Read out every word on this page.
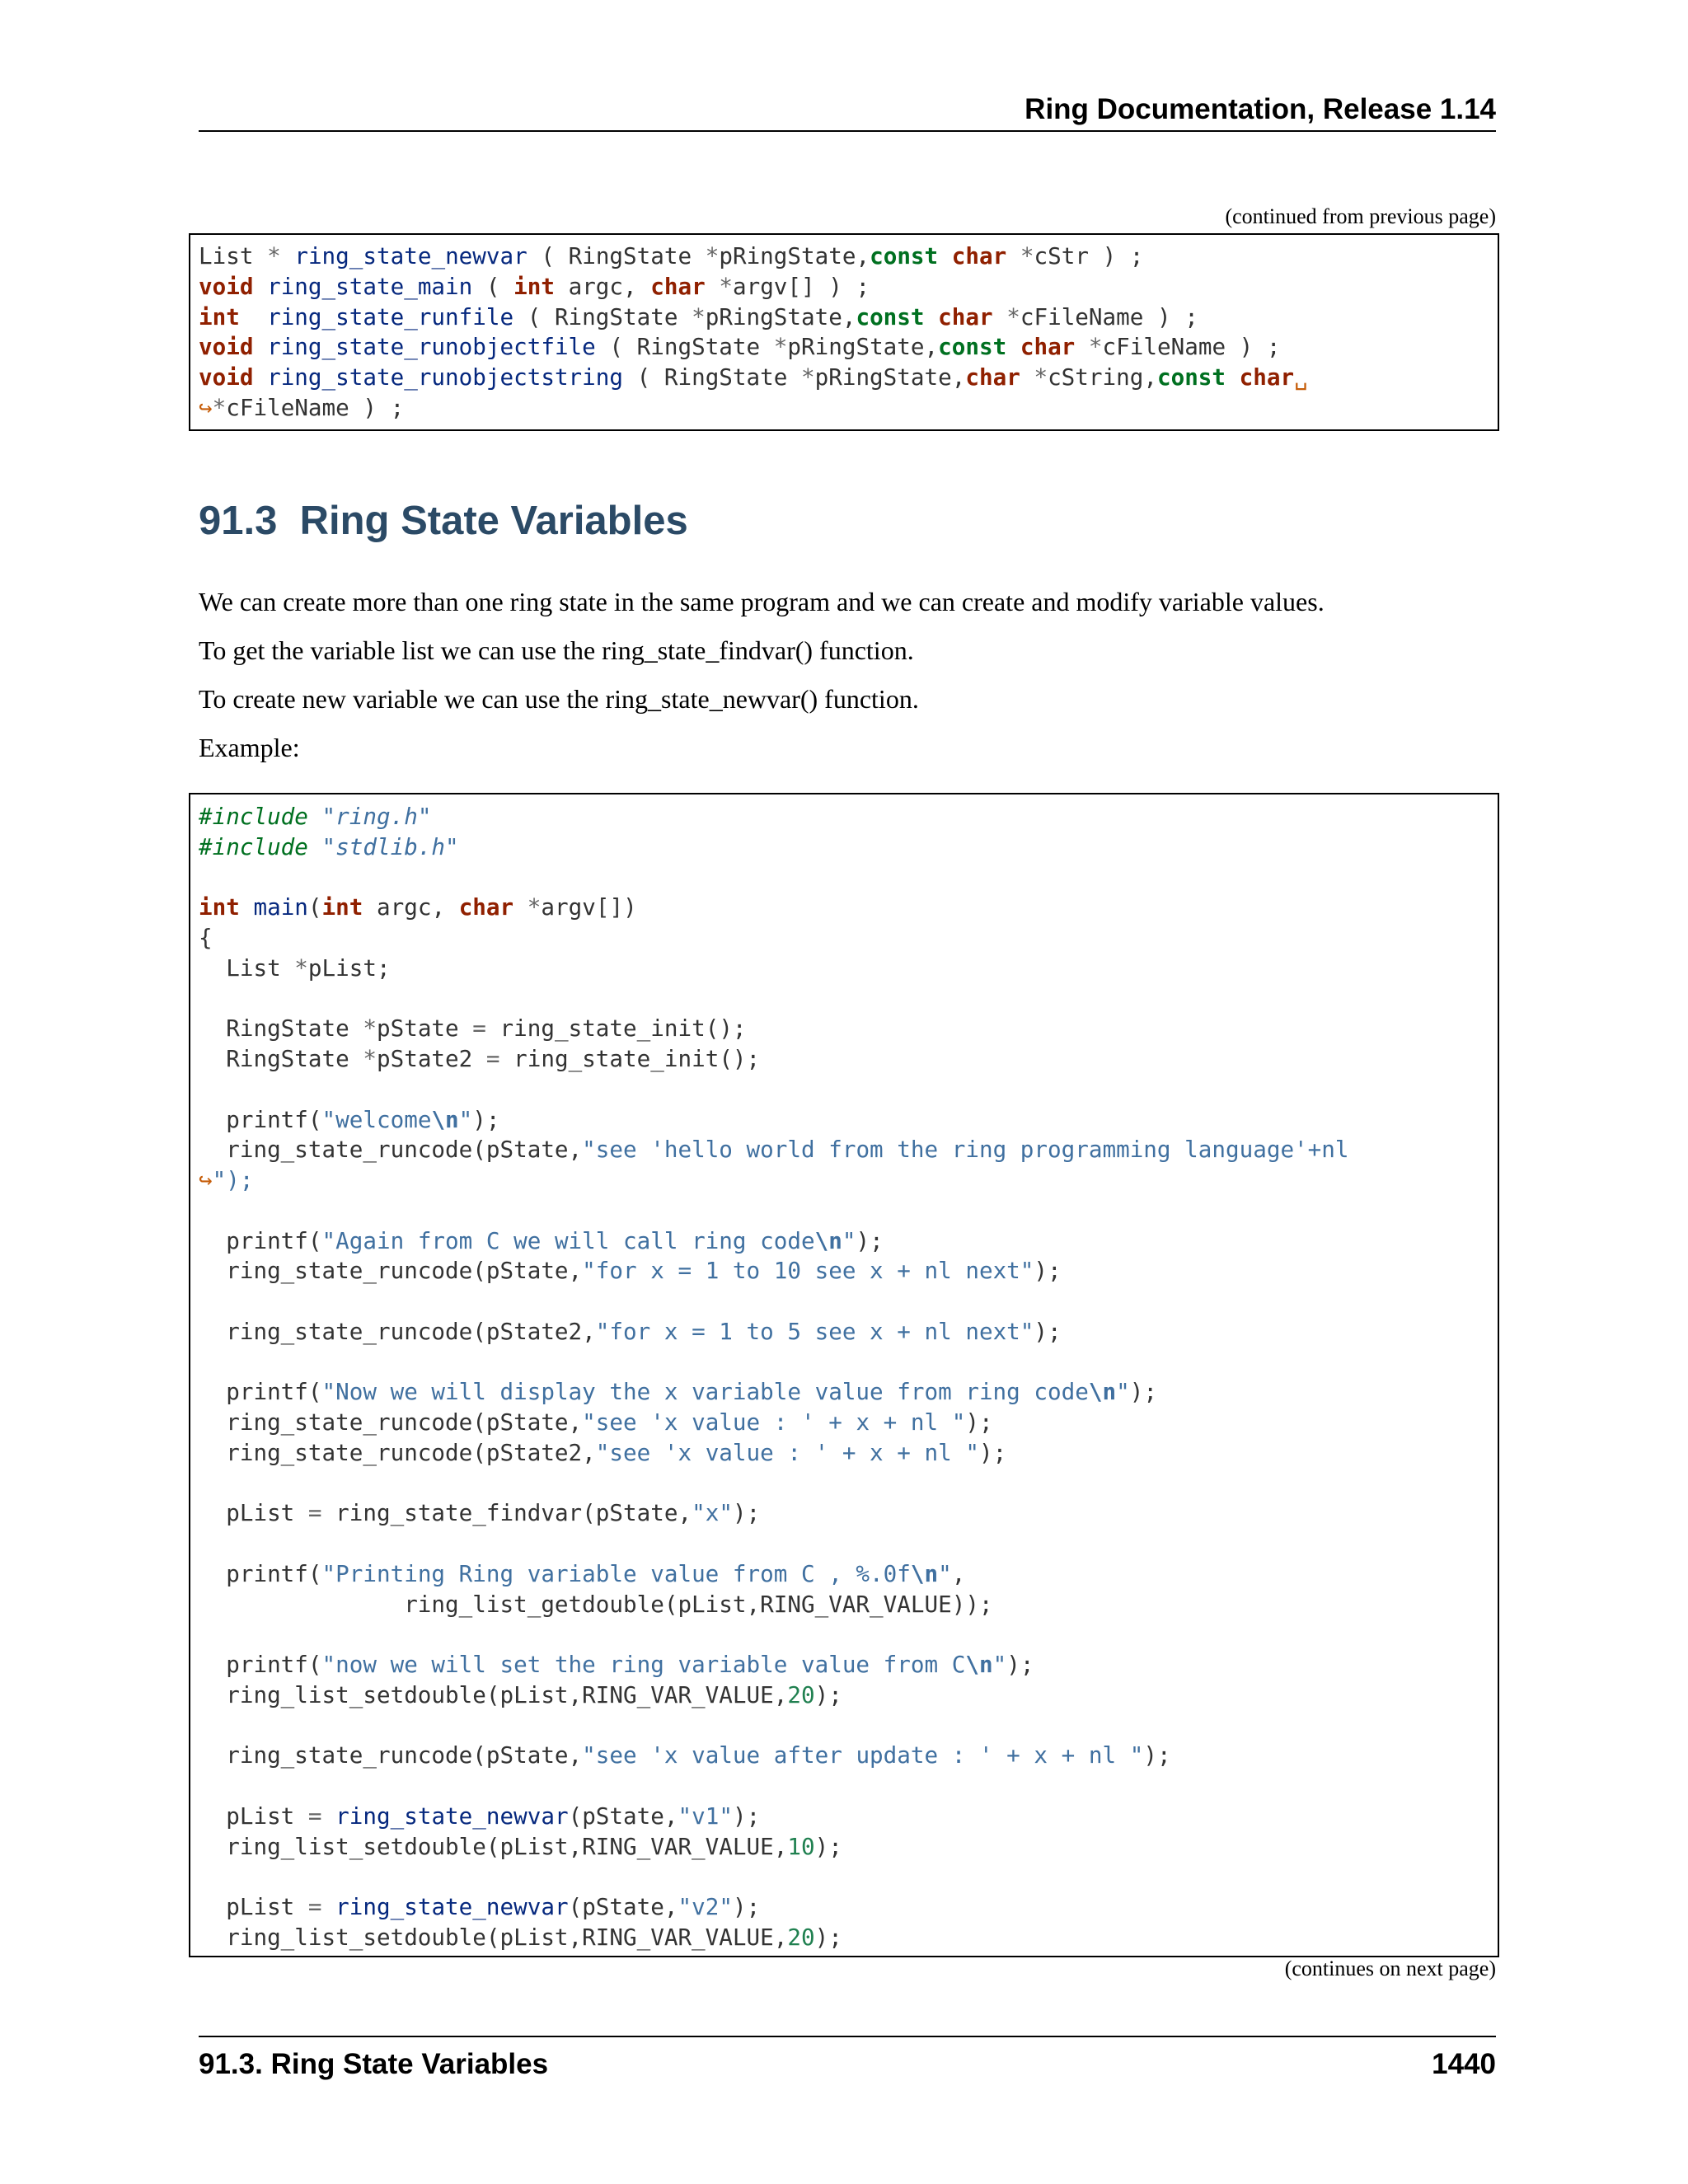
Ring Documentation, Release 1.14
(continued from previous page)
List * ring_state_newvar ( RingState *pRingState,const char *cStr ) ;
void ring_state_main ( int argc, char *argv[] ) ;
int ring_state_runfile ( RingState *pRingState,const char *cFileName ) ;
void ring_state_runobjectfile ( RingState *pRingState,const char *cFileName ) ;
void ring_state_runobjectstring ( RingState *pRingState,char *cString,const char␣
↪*cFileName ) ;
91.3 Ring State Variables

We can create more than one ring state in the same program and we can create and modify variable values.

To get the variable list we can use the ring_state_findvar() function.

To create new variable we can use the ring_state_newvar() function.

Example:

#include "ring.h"
#include "stdlib.h"

int main(int argc, char *argv[])
{
List *pList;

RingState *pState = ring_state_init();
RingState *pState2 = ring_state_init();

printf("welcome\n");
ring_state_runcode(pState,"see 'hello world from the ring programming language'+nl
↪");

printf("Again from C we will call ring code\n");
ring_state_runcode(pState,"for x = 1 to 10 see x + nl next");

ring_state_runcode(pState2,"for x = 1 to 5 see x + nl next");

printf("Now we will display the x variable value from ring code\n");
ring_state_runcode(pState,"see 'x value : ' + x + nl ");
ring_state_runcode(pState2,"see 'x value : ' + x + nl ");

pList = ring_state_findvar(pState,"x");

printf("Printing Ring variable value from C , %.0f\n",
ring_list_getdouble(pList,RING_VAR_VALUE));

printf("now we will set the ring variable value from C\n");
ring_list_setdouble(pList,RING_VAR_VALUE,20);

ring_state_runcode(pState,"see 'x value after update : ' + x + nl ");

pList = ring_state_newvar(pState,"v1");
ring_list_setdouble(pList,RING_VAR_VALUE,10);

pList = ring_state_newvar(pState,"v2");
ring_list_setdouble(pList,RING_VAR_VALUE,20);
(continues on next page)
91.3. Ring State Variables	1440
